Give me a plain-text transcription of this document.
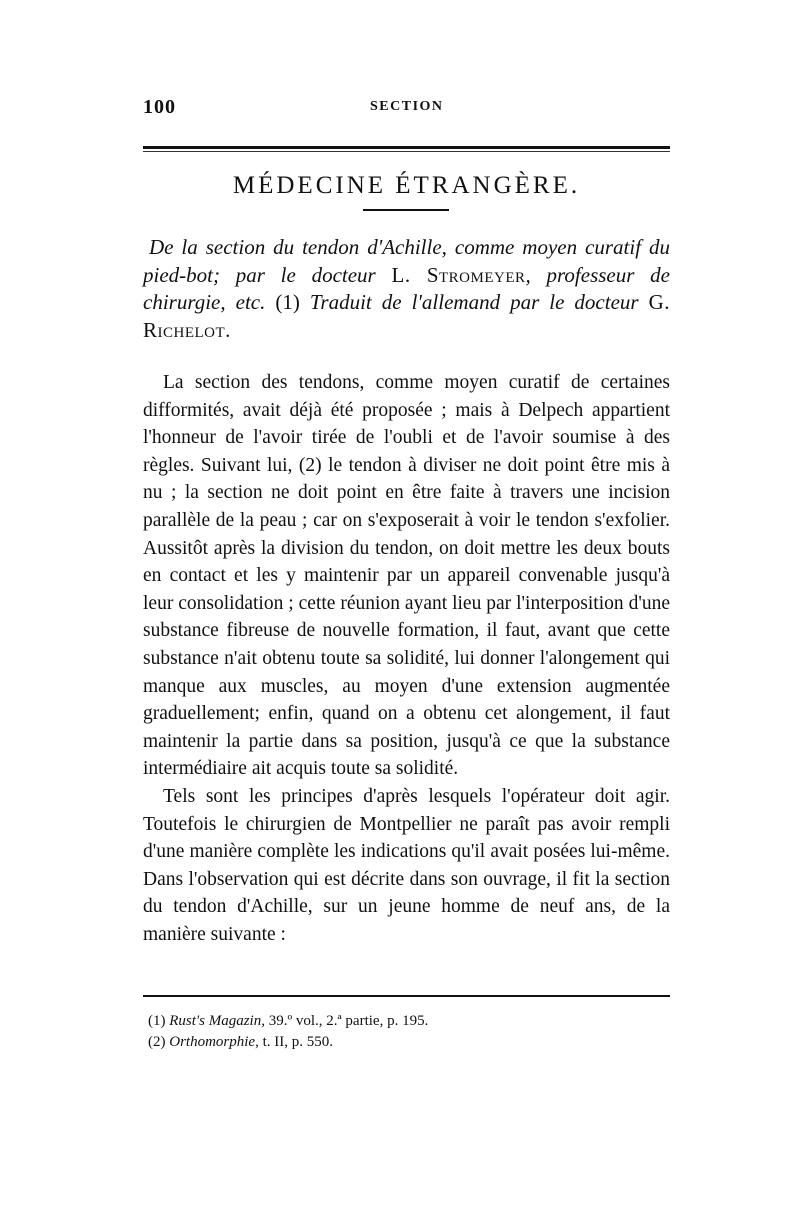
100	SECTION
MÉDECINE ÉTRANGÈRE.
De la section du tendon d'Achille, comme moyen curatif du pied-bot; par le docteur L. Stromeyer, professeur de chirurgie, etc. (1) Traduit de l'allemand par le docteur G. Richelot.

La section des tendons, comme moyen curatif de certaines difformités, avait déjà été proposée ; mais à Delpech appartient l'honneur de l'avoir tirée de l'oubli et de l'avoir soumise à des règles. Suivant lui, (2) le tendon à diviser ne doit point être mis à nu ; la section ne doit point en être faite à travers une incision parallèle de la peau ; car on s'exposerait à voir le tendon s'exfolier. Aussitôt après la division du tendon, on doit mettre les deux bouts en contact et les y maintenir par un appareil convenable jusqu'à leur consolidation ; cette réunion ayant lieu par l'interposition d'une substance fibreuse de nouvelle formation, il faut, avant que cette substance n'ait obtenu toute sa solidité, lui donner l'alongement qui manque aux muscles, au moyen d'une extension augmentée graduellement; enfin, quand on a obtenu cet alongement, il faut maintenir la partie dans sa position, jusqu'à ce que la substance intermédiaire ait acquis toute sa solidité.

Tels sont les principes d'après lesquels l'opérateur doit agir. Toutefois le chirurgien de Montpellier ne paraît pas avoir rempli d'une manière complète les indications qu'il avait posées lui-même. Dans l'observation qui est décrite dans son ouvrage, il fit la section du tendon d'Achille, sur un jeune homme de neuf ans, de la manière suivante :

(1) Rust's Magazin, 39.º vol., 2.ª partie, p. 195.
(2) Orthomorphie, t. II, p. 550.
